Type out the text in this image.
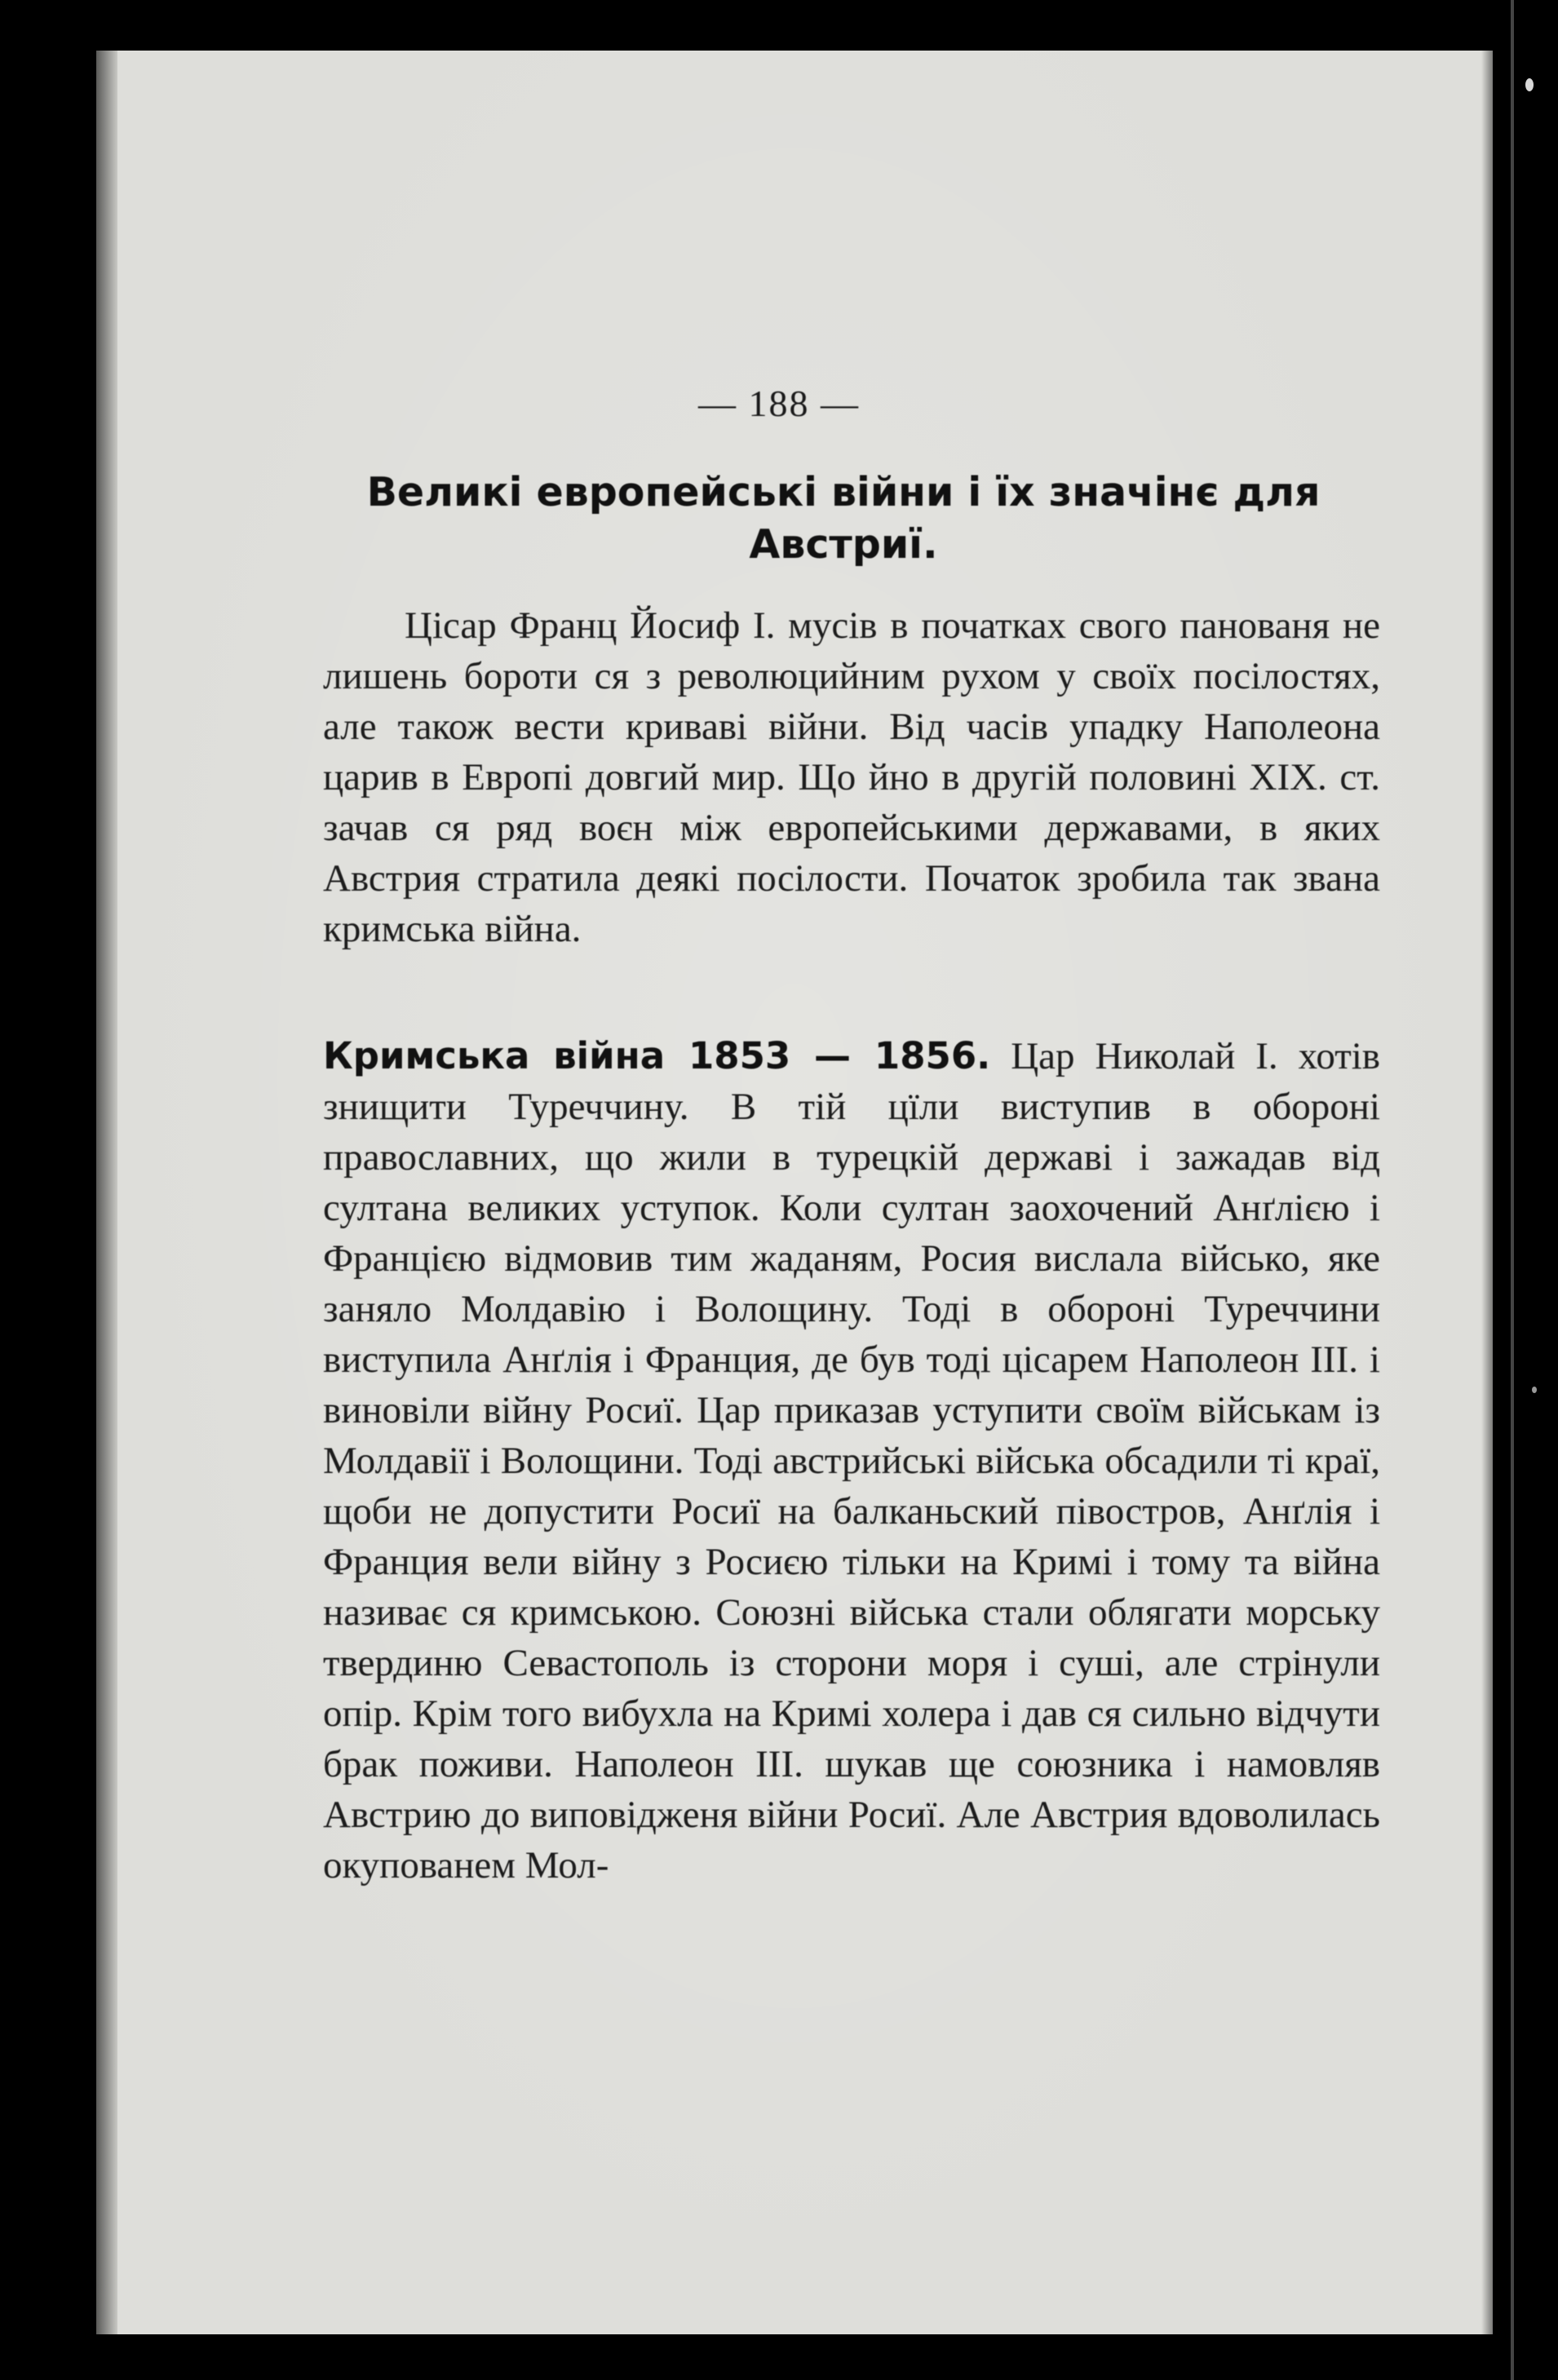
— 188 —
Великі европейські війни і їх значінє для Австриї.

Цісар Франц Йосиф I. мусів в початках свого панованя не лишень бороти ся з революцийним рухом у своїх посілостях, але також вести криваві війни. Від часів упадку Наполеона царив в Европі довгий мир. Що йно в другій половині XIX. ст. зачав ся ряд воєн між европейськими державами, в яких Австрия стратила деякі посілости. Початок зробила так звана кримська війна.

Кримська війна 1853 — 1856. Цар Николай I. хотів знищити Туреччину. В тій цїли виступив в обороні православних, що жили в турецкій державі і зажадав від султана великих уступок. Коли султан заохочений Анґлією і Францією відмовив тим жаданям, Росия вислала військо, яке заняло Молдавію і Волощину. Тоді в обороні Туреччини виступила Анґлія і Франция, де був тоді цісарем Наполеон III. і виновіли війну Росиї. Цар приказав уступити своїм військам із Молдавії і Волощини. Тоді австрийські війська обсадили ті краї, щоби не допустити Росиї на балканьский півостров, Анґлія і Франция вели війну з Росиєю тільки на Кримі і тому та війна називає ся кримською. Союзні війська стали облягати морську твердиню Севастополь із сторони моря і суші, але стрінули опір. Крім того вибухла на Кримі холера і дав ся сильно відчути брак поживи. Наполеон III. шукав ще союзника і намовляв Австрию до виповідженя війни Росиї. Але Австрия вдоволилась окупованем Мол-
